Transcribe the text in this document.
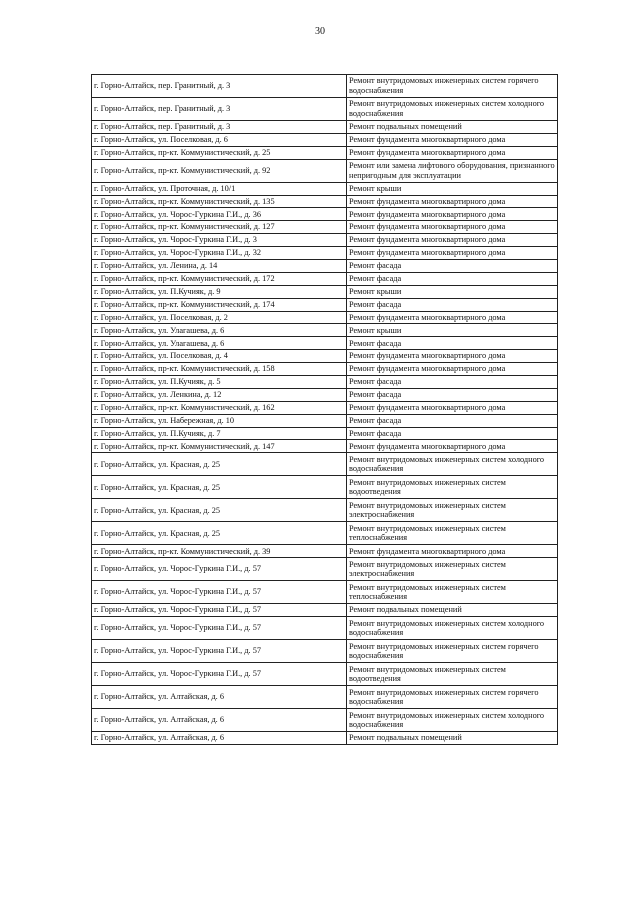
30
г. Горно-Алтайск, пер. Гранитный, д. 3	Ремонт внутридомовых инженерных систем горячего водоснабжения
г. Горно-Алтайск, пер. Гранитный, д. 3	Ремонт внутридомовых инженерных систем холодного водоснабжения
г. Горно-Алтайск, пер. Гранитный, д. 3	Ремонт подвальных помещений
г. Горно-Алтайск, ул. Поселковая, д. 6	Ремонт фундамента многоквартирного дома
г. Горно-Алтайск, пр-кт. Коммунистический, д. 25	Ремонт фундамента многоквартирного дома
г. Горно-Алтайск, пр-кт. Коммунистический, д. 92	Ремонт или замена лифтового оборудования, признанного непригодным для эксплуатации
г. Горно-Алтайск, ул. Проточная, д. 10/1	Ремонт крыши
г. Горно-Алтайск, пр-кт. Коммунистический, д. 135	Ремонт фундамента многоквартирного дома
г. Горно-Алтайск, ул. Чорос-Гуркина Г.И., д. 36	Ремонт фундамента многоквартирного дома
г. Горно-Алтайск, пр-кт. Коммунистический, д. 127	Ремонт фундамента многоквартирного дома
г. Горно-Алтайск, ул. Чорос-Гуркина Г.И., д. 3	Ремонт фундамента многоквартирного дома
г. Горно-Алтайск, ул. Чорос-Гуркина Г.И., д. 32	Ремонт фундамента многоквартирного дома
г. Горно-Алтайск, ул. Ленина, д. 14	Ремонт фасада
г. Горно-Алтайск, пр-кт. Коммунистический, д. 172	Ремонт фасада
г. Горно-Алтайск, ул. П.Кучияк, д. 9	Ремонт крыши
г. Горно-Алтайск, пр-кт. Коммунистический, д. 174	Ремонт фасада
г. Горно-Алтайск, ул. Поселковая, д. 2	Ремонт фундамента многоквартирного дома
г. Горно-Алтайск, ул. Улагашева, д. 6	Ремонт крыши
г. Горно-Алтайск, ул. Улагашева, д. 6	Ремонт фасада
г. Горно-Алтайск, ул. Поселковая, д. 4	Ремонт фундамента многоквартирного дома
г. Горно-Алтайск, пр-кт. Коммунистический, д. 158	Ремонт фундамента многоквартирного дома
г. Горно-Алтайск, ул. П.Кучияк, д. 5	Ремонт фасада
г. Горно-Алтайск, ул. Ленкина, д. 12	Ремонт фасада
г. Горно-Алтайск, пр-кт. Коммунистический, д. 162	Ремонт фундамента многоквартирного дома
г. Горно-Алтайск, ул. Набережная, д. 10	Ремонт фасада
г. Горно-Алтайск, ул. П.Кучияк, д. 7	Ремонт фасада
г. Горно-Алтайск, пр-кт. Коммунистический, д. 147	Ремонт фундамента многоквартирного дома
г. Горно-Алтайск, ул. Красная, д. 25	Ремонт внутридомовых инженерных систем холодного водоснабжения
г. Горно-Алтайск, ул. Красная, д. 25	Ремонт внутридомовых инженерных систем водоотведения
г. Горно-Алтайск, ул. Красная, д. 25	Ремонт внутридомовых инженерных систем электроснабжения
г. Горно-Алтайск, ул. Красная, д. 25	Ремонт внутридомовых инженерных систем теплоснабжения
г. Горно-Алтайск, пр-кт. Коммунистический, д. 39	Ремонт фундамента многоквартирного дома
г. Горно-Алтайск, ул. Чорос-Гуркина Г.И., д. 57	Ремонт внутридомовых инженерных систем электроснабжения
г. Горно-Алтайск, ул. Чорос-Гуркина Г.И., д. 57	Ремонт внутридомовых инженерных систем теплоснабжения
г. Горно-Алтайск, ул. Чорос-Гуркина Г.И., д. 57	Ремонт подвальных помещений
г. Горно-Алтайск, ул. Чорос-Гуркина Г.И., д. 57	Ремонт внутридомовых инженерных систем холодного водоснабжения
г. Горно-Алтайск, ул. Чорос-Гуркина Г.И., д. 57	Ремонт внутридомовых инженерных систем горячего водоснабжения
г. Горно-Алтайск, ул. Чорос-Гуркина Г.И., д. 57	Ремонт внутридомовых инженерных систем водоотведения
г. Горно-Алтайск, ул. Алтайская, д. 6	Ремонт внутридомовых инженерных систем горячего водоснабжения
г. Горно-Алтайск, ул. Алтайская, д. 6	Ремонт внутридомовых инженерных систем холодного водоснабжения
г. Горно-Алтайск, ул. Алтайская, д. 6	Ремонт подвальных помещений
